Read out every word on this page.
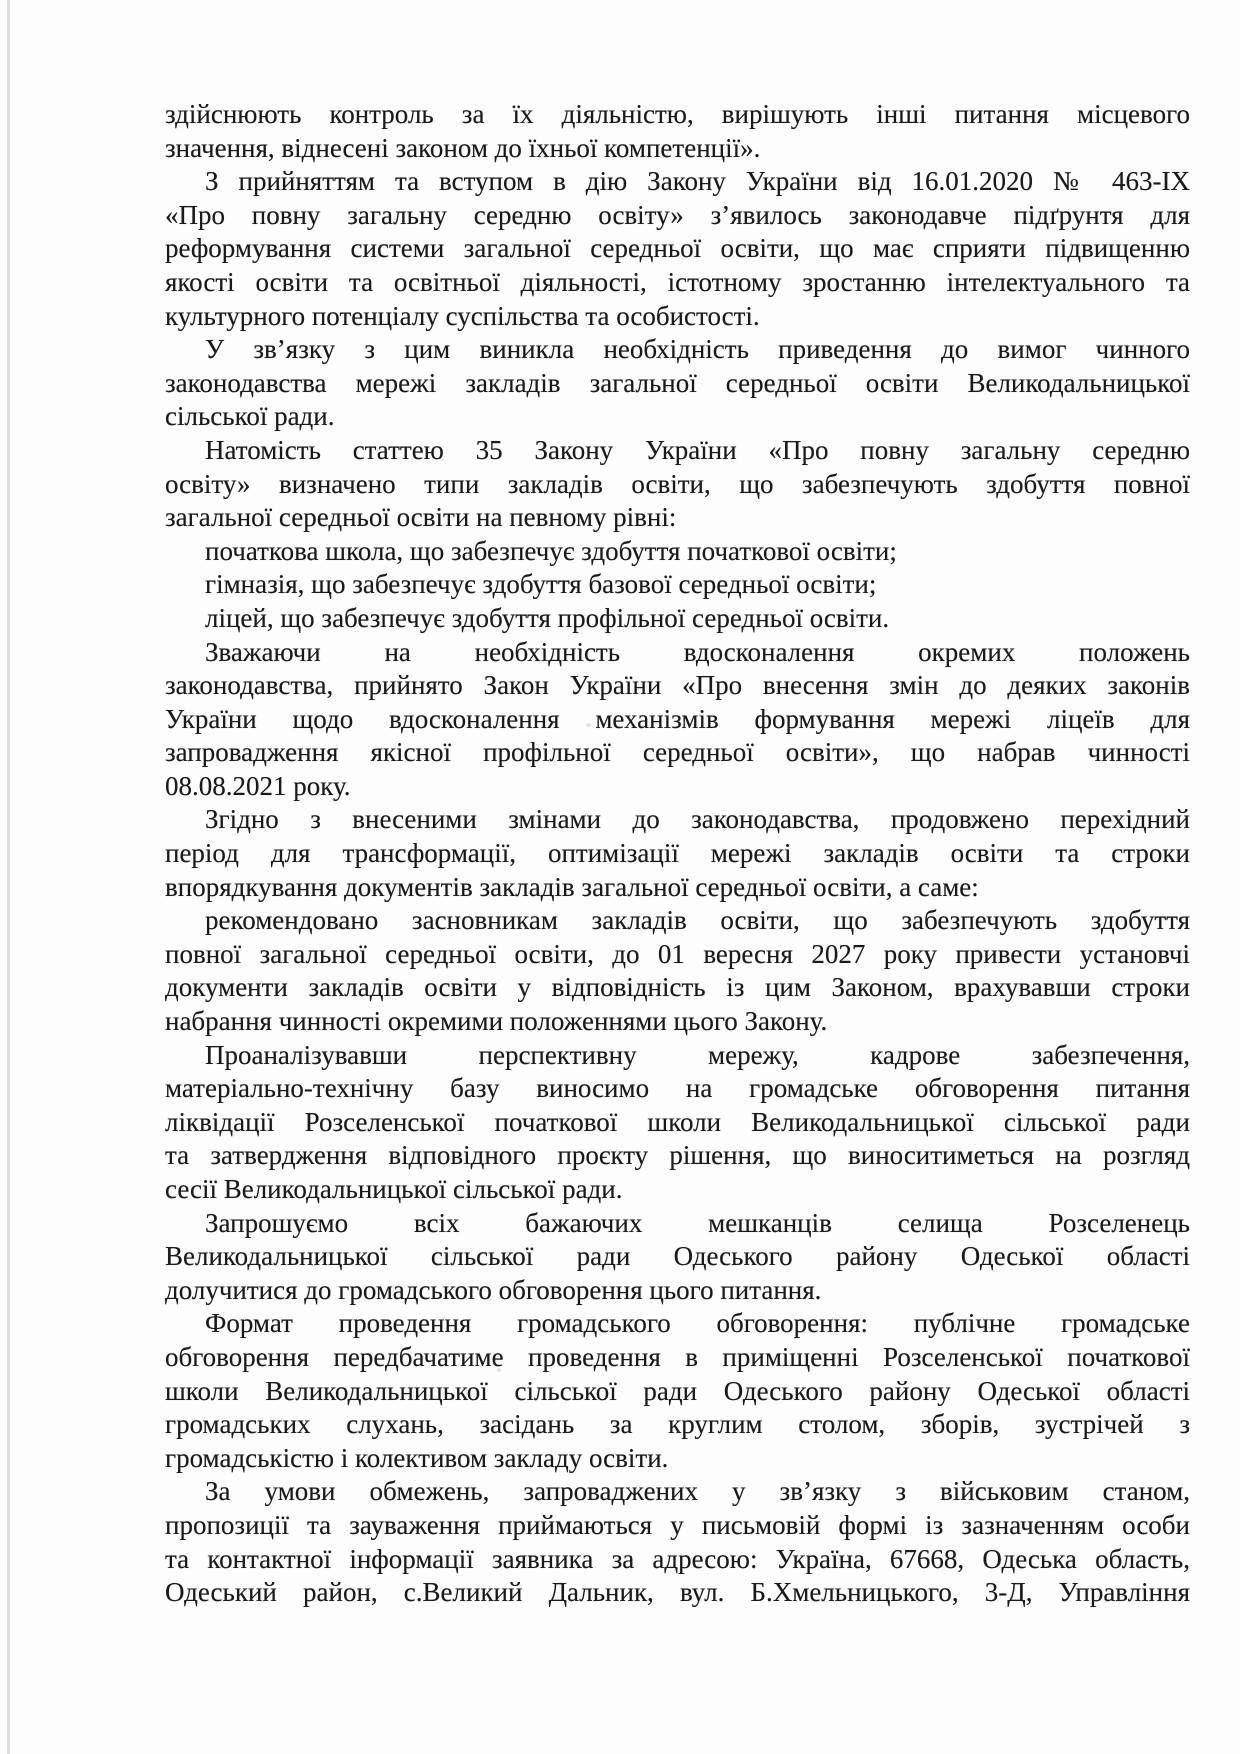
здійснюють контроль за їх діяльністю, вирішують інші питання місцевого
значення, віднесені законом до їхньої компетенції».
З прийняттям та вступом в дію Закону України від 16.01.2020 № 463-IX
«Про повну загальну середню освіту» з’явилось законодавче підґрунтя для
реформування системи загальної середньої освіти, що має сприяти підвищенню
якості освіти та освітньої діяльності, істотному зростанню інтелектуального та
культурного потенціалу суспільства та особистості.
У зв’язку з цим виникла необхідність приведення до вимог чинного
законодавства мережі закладів загальної середньої освіти Великодальницької
сільської ради.
Натомість статтею 35 Закону України «Про повну загальну середню
освіту» визначено типи закладів освіти, що забезпечують здобуття повної
загальної середньої освіти на певному рівні:
початкова школа, що забезпечує здобуття початкової освіти;
гімназія, що забезпечує здобуття базової середньої освіти;
ліцей, що забезпечує здобуття профільної середньої освіти.
Зважаючи на необхідність вдосконалення окремих положень
законодавства, прийнято Закон України «Про внесення змін до деяких законів
України щодо вдосконалення механізмів формування мережі ліцеїв для
запровадження якісної профільної середньої освіти», що набрав чинності
08.08.2021 року.
Згідно з внесеними змінами до законодавства, продовжено перехідний
період для трансформації, оптимізації мережі закладів освіти та строки
впорядкування документів закладів загальної середньої освіти, а саме:
рекомендовано засновникам закладів освіти, що забезпечують здобуття
повної загальної середньої освіти, до 01 вересня 2027 року привести установчі
документи закладів освіти у відповідність із цим Законом, врахувавши строки
набрання чинності окремими положеннями цього Закону.
Проаналізувавши перспективну мережу, кадрове забезпечення,
матеріально-технічну базу виносимо на громадське обговорення питання
ліквідації Розселенської початкової школи Великодальницької сільської ради
та затвердження відповідного проєкту рішення, що виноситиметься на розгляд
сесії Великодальницької сільської ради.
Запрошуємо всіх бажаючих мешканців селища Розселенець
Великодальницької сільської ради Одеського району Одеської області
долучитися до громадського обговорення цього питання.
Формат проведення громадського обговорення: публічне громадське
обговорення передбачатиме проведення в приміщенні Розселенської початкової
школи Великодальницької сільської ради Одеського району Одеської області
громадських слухань, засідань за круглим столом, зборів, зустрічей з
громадськістю і колективом закладу освіти.
За умови обмежень, запроваджених у зв’язку з військовим станом,
пропозиції та зауваження приймаються у письмовій формі із зазначенням особи
та контактної інформації заявника за адресою: Україна, 67668, Одеська область,
Одеський район, с.Великий Дальник, вул. Б.Хмельницького, 3-Д, Управління
